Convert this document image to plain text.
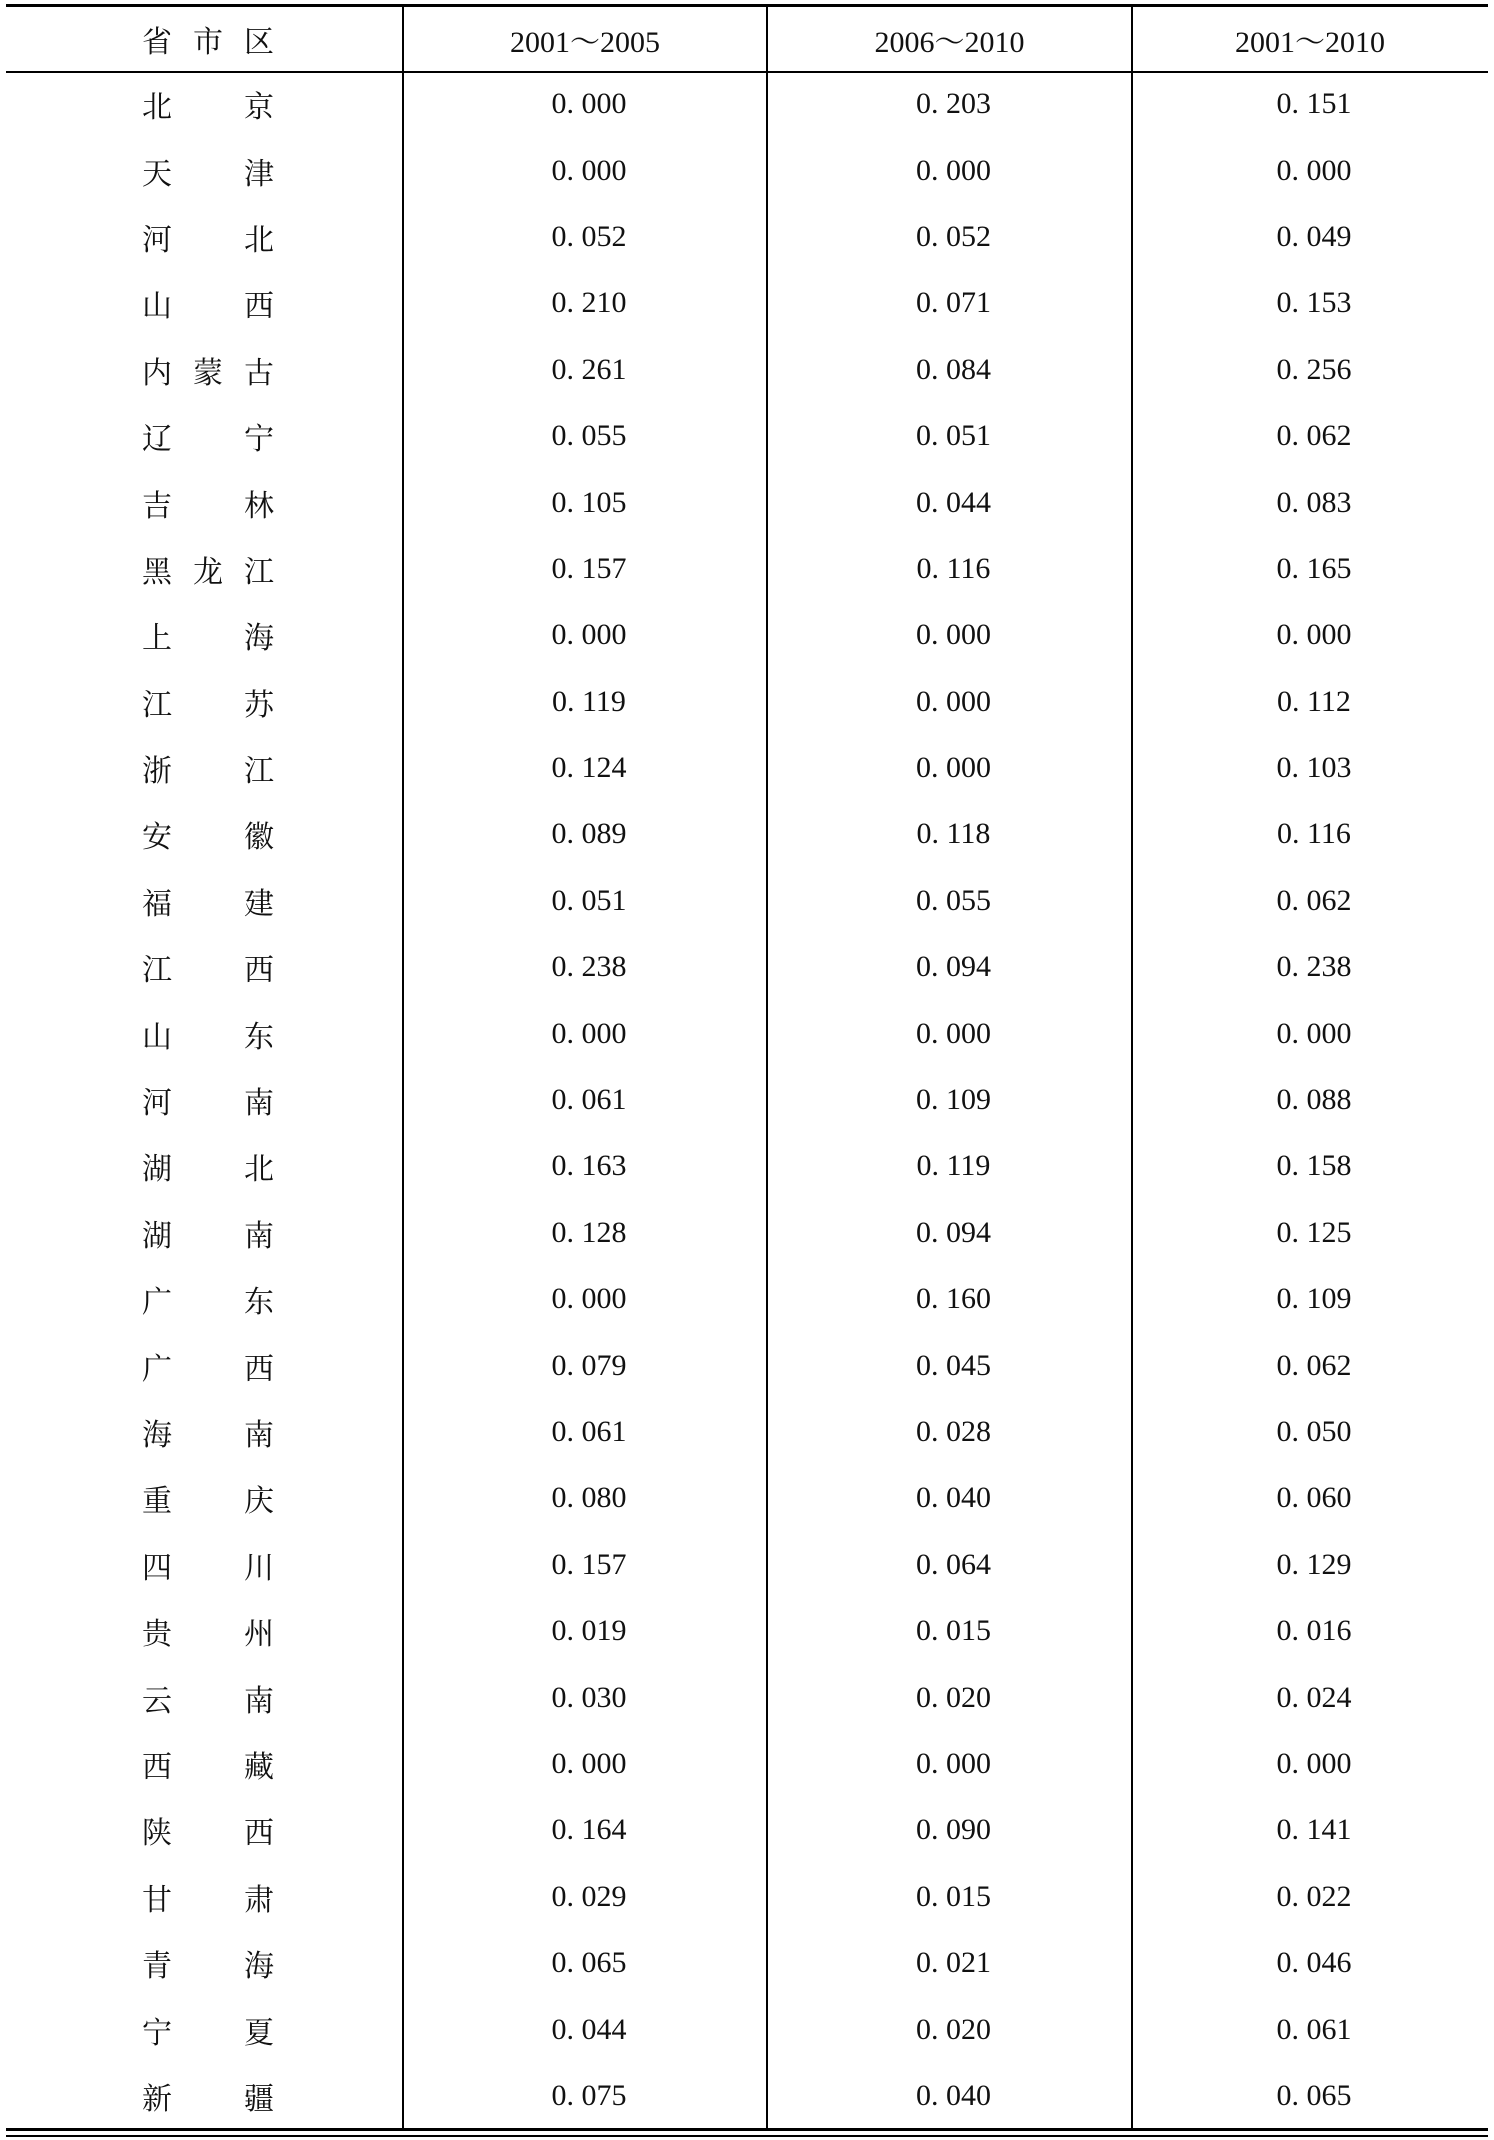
省市区	2001～2005	2006～2010	2001～2010

北京	0. 000	0. 203	0. 151

天津	0. 000	0. 000	0. 000

河北	0. 052	0. 052	0. 049

山西	0. 210	0. 071	0. 153

内蒙古	0. 261	0. 084	0. 256

辽宁	0. 055	0. 051	0. 062

吉林	0. 105	0. 044	0. 083

黑龙江	0. 157	0. 116	0. 165

上海	0. 000	0. 000	0. 000

江苏	0. 119	0. 000	0. 112

浙江	0. 124	0. 000	0. 103

安徽	0. 089	0. 118	0. 116

福建	0. 051	0. 055	0. 062

江西	0. 238	0. 094	0. 238

山东	0. 000	0. 000	0. 000

河南	0. 061	0. 109	0. 088

湖北	0. 163	0. 119	0. 158

湖南	0. 128	0. 094	0. 125

广东	0. 000	0. 160	0. 109

广西	0. 079	0. 045	0. 062

海南	0. 061	0. 028	0. 050

重庆	0. 080	0. 040	0. 060

四川	0. 157	0. 064	0. 129

贵州	0. 019	0. 015	0. 016

云南	0. 030	0. 020	0. 024

西藏	0. 000	0. 000	0. 000

陕西	0. 164	0. 090	0. 141

甘肃	0. 029	0. 015	0. 022

青海	0. 065	0. 021	0. 046

宁夏	0. 044	0. 020	0. 061

新疆	0. 075	0. 040	0. 065
